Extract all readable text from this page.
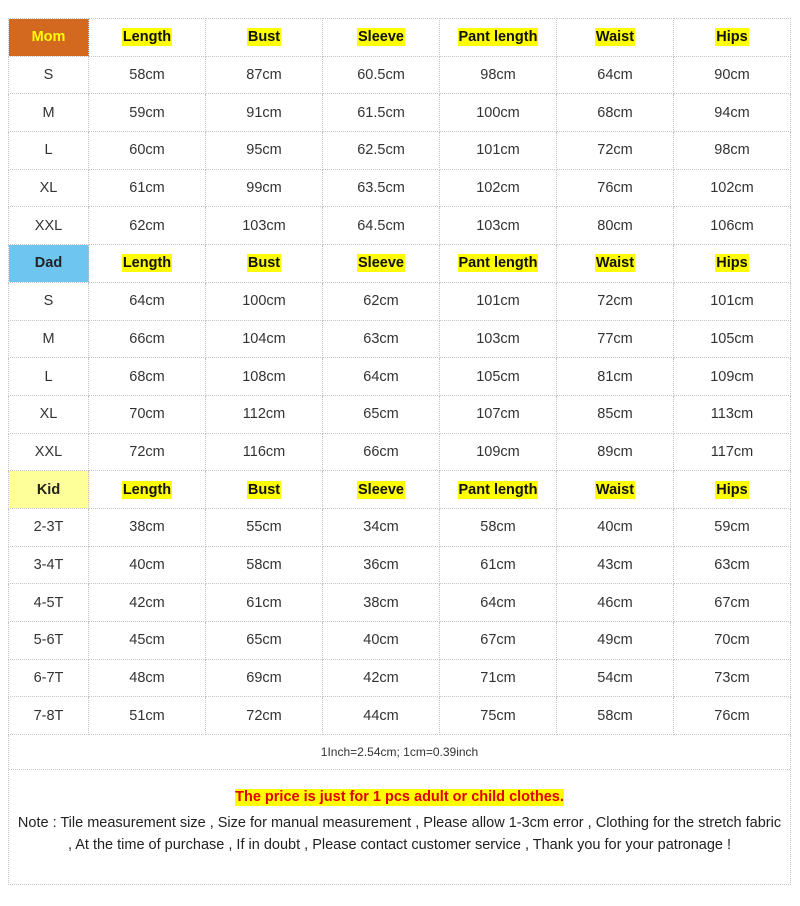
Mom	Length	Bust	Sleeve	Pant length	Waist	Hips
S	58cm	87cm	60.5cm	98cm	64cm	90cm
M	59cm	91cm	61.5cm	100cm	68cm	94cm
L	60cm	95cm	62.5cm	101cm	72cm	98cm
XL	61cm	99cm	63.5cm	102cm	76cm	102cm
XXL	62cm	103cm	64.5cm	103cm	80cm	106cm
Dad	Length	Bust	Sleeve	Pant length	Waist	Hips
S	64cm	100cm	62cm	101cm	72cm	101cm
M	66cm	104cm	63cm	103cm	77cm	105cm
L	68cm	108cm	64cm	105cm	81cm	109cm
XL	70cm	112cm	65cm	107cm	85cm	113cm
XXL	72cm	116cm	66cm	109cm	89cm	117cm
Kid	Length	Bust	Sleeve	Pant length	Waist	Hips
2-3T	38cm	55cm	34cm	58cm	40cm	59cm
3-4T	40cm	58cm	36cm	61cm	43cm	63cm
4-5T	42cm	61cm	38cm	64cm	46cm	67cm
5-6T	45cm	65cm	40cm	67cm	49cm	70cm
6-7T	48cm	69cm	42cm	71cm	54cm	73cm
7-8T	51cm	72cm	44cm	75cm	58cm	76cm
1Inch=2.54cm; 1cm=0.39inch
The price is just for 1 pcs adult or child clothes.
Note : Tile measurement size , Size for manual measurement , Please allow 1-3cm error , Clothing for the stretch fabric , At the time of purchase , If in doubt , Please contact customer service , Thank you for your patronage !
